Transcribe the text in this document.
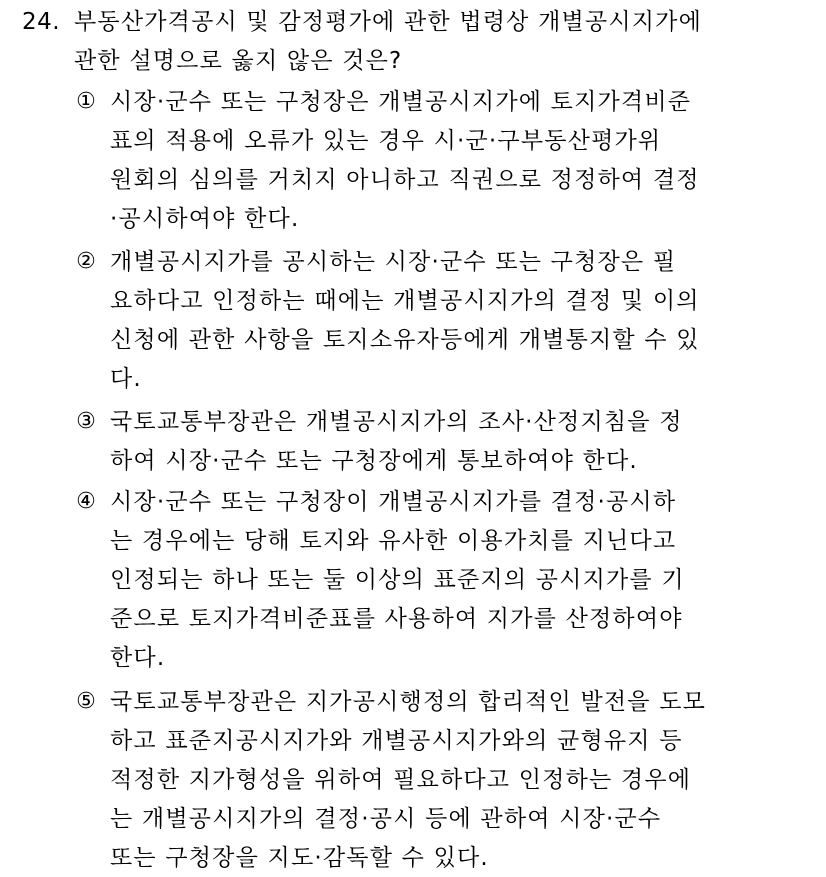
24. 부동산가격공시 및 감정평가에 관한 법령상 개별공시지가에
관한 설명으로 옳지 않은 것은?
① 시장·군수 또는 구청장은 개별공시지가에 토지가격비준
표의 적용에 오류가 있는 경우 시·군·구부동산평가위
원회의 심의를 거치지 아니하고 직권으로 정정하여 결정
·공시하여야 한다.
② 개별공시지가를 공시하는 시장·군수 또는 구청장은 필
요하다고 인정하는 때에는 개별공시지가의 결정 및 이의
신청에 관한 사항을 토지소유자등에게 개별통지할 수 있
다.
③ 국토교통부장관은 개별공시지가의 조사·산정지침을 정
하여 시장·군수 또는 구청장에게 통보하여야 한다.
④ 시장·군수 또는 구청장이 개별공시지가를 결정·공시하
는 경우에는 당해 토지와 유사한 이용가치를 지닌다고
인정되는 하나 또는 둘 이상의 표준지의 공시지가를 기
준으로 토지가격비준표를 사용하여 지가를 산정하여야
한다.
⑤ 국토교통부장관은 지가공시행정의 합리적인 발전을 도모
하고 표준지공시지가와 개별공시지가와의 균형유지 등
적정한 지가형성을 위하여 필요하다고 인정하는 경우에
는 개별공시지가의 결정·공시 등에 관하여 시장·군수
또는 구청장을 지도·감독할 수 있다.
